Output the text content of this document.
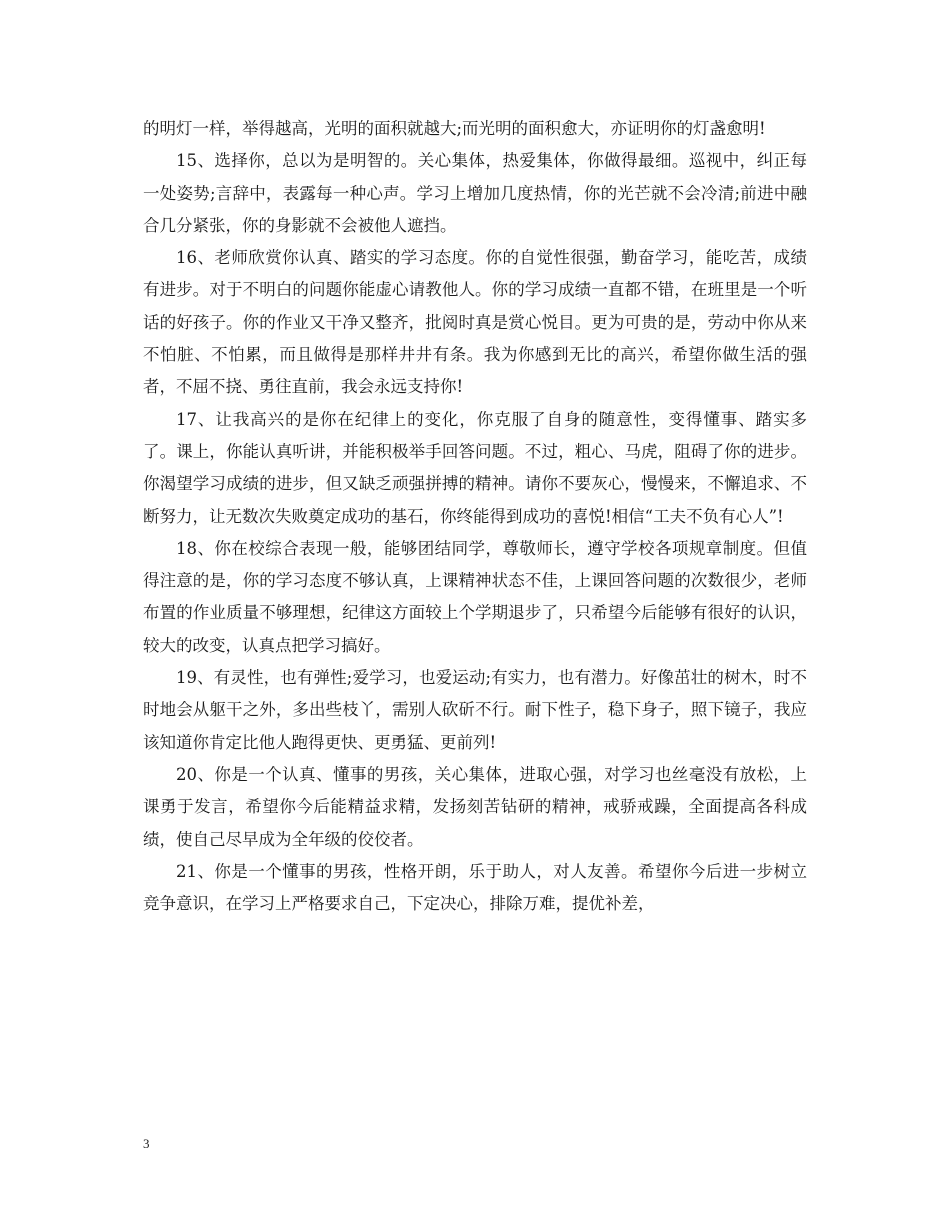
的明灯一样，举得越高，光明的面积就越大;而光明的面积愈大，亦证明你的灯盏愈明!

15、选择你，总以为是明智的。关心集体，热爱集体，你做得最细。巡视中，纠正每一处姿势;言辞中，表露每一种心声。学习上增加几度热情，你的光芒就不会冷清;前进中融合几分紧张，你的身影就不会被他人遮挡。

16、老师欣赏你认真、踏实的学习态度。你的自觉性很强，勤奋学习，能吃苦，成绩有进步。对于不明白的问题你能虚心请教他人。你的学习成绩一直都不错，在班里是一个听话的好孩子。你的作业又干净又整齐，批阅时真是赏心悦目。更为可贵的是，劳动中你从来不怕脏、不怕累，而且做得是那样井井有条。我为你感到无比的高兴，希望你做生活的强者，不屈不挠、勇往直前，我会永远支持你!

17、让我高兴的是你在纪律上的变化，你克服了自身的随意性，变得懂事、踏实多了。课上，你能认真听讲，并能积极举手回答问题。不过，粗心、马虎，阻碍了你的进步。你渴望学习成绩的进步，但又缺乏顽强拼搏的精神。请你不要灰心，慢慢来，不懈追求、不断努力，让无数次失败奠定成功的基石，你终能得到成功的喜悦!相信“工夫不负有心人”!

18、你在校综合表现一般，能够团结同学，尊敬师长，遵守学校各项规章制度。但值得注意的是，你的学习态度不够认真，上课精神状态不佳，上课回答问题的次数很少，老师布置的作业质量不够理想，纪律这方面较上个学期退步了，只希望今后能够有很好的认识，较大的改变，认真点把学习搞好。

19、有灵性，也有弹性;爱学习，也爱运动;有实力，也有潜力。好像茁壮的树木，时不时地会从躯干之外，多出些枝丫，需别人砍斫不行。耐下性子，稳下身子，照下镜子，我应该知道你肯定比他人跑得更快、更勇猛、更前列!

20、你是一个认真、懂事的男孩，关心集体，进取心强，对学习也丝毫没有放松，上课勇于发言，希望你今后能精益求精，发扬刻苦钻研的精神，戒骄戒躁，全面提高各科成绩，使自己尽早成为全年级的佼佼者。

21、你是一个懂事的男孩，性格开朗，乐于助人，对人友善。希望你今后进一步树立竞争意识，在学习上严格要求自己，下定决心，排除万难，提优补差，

3
